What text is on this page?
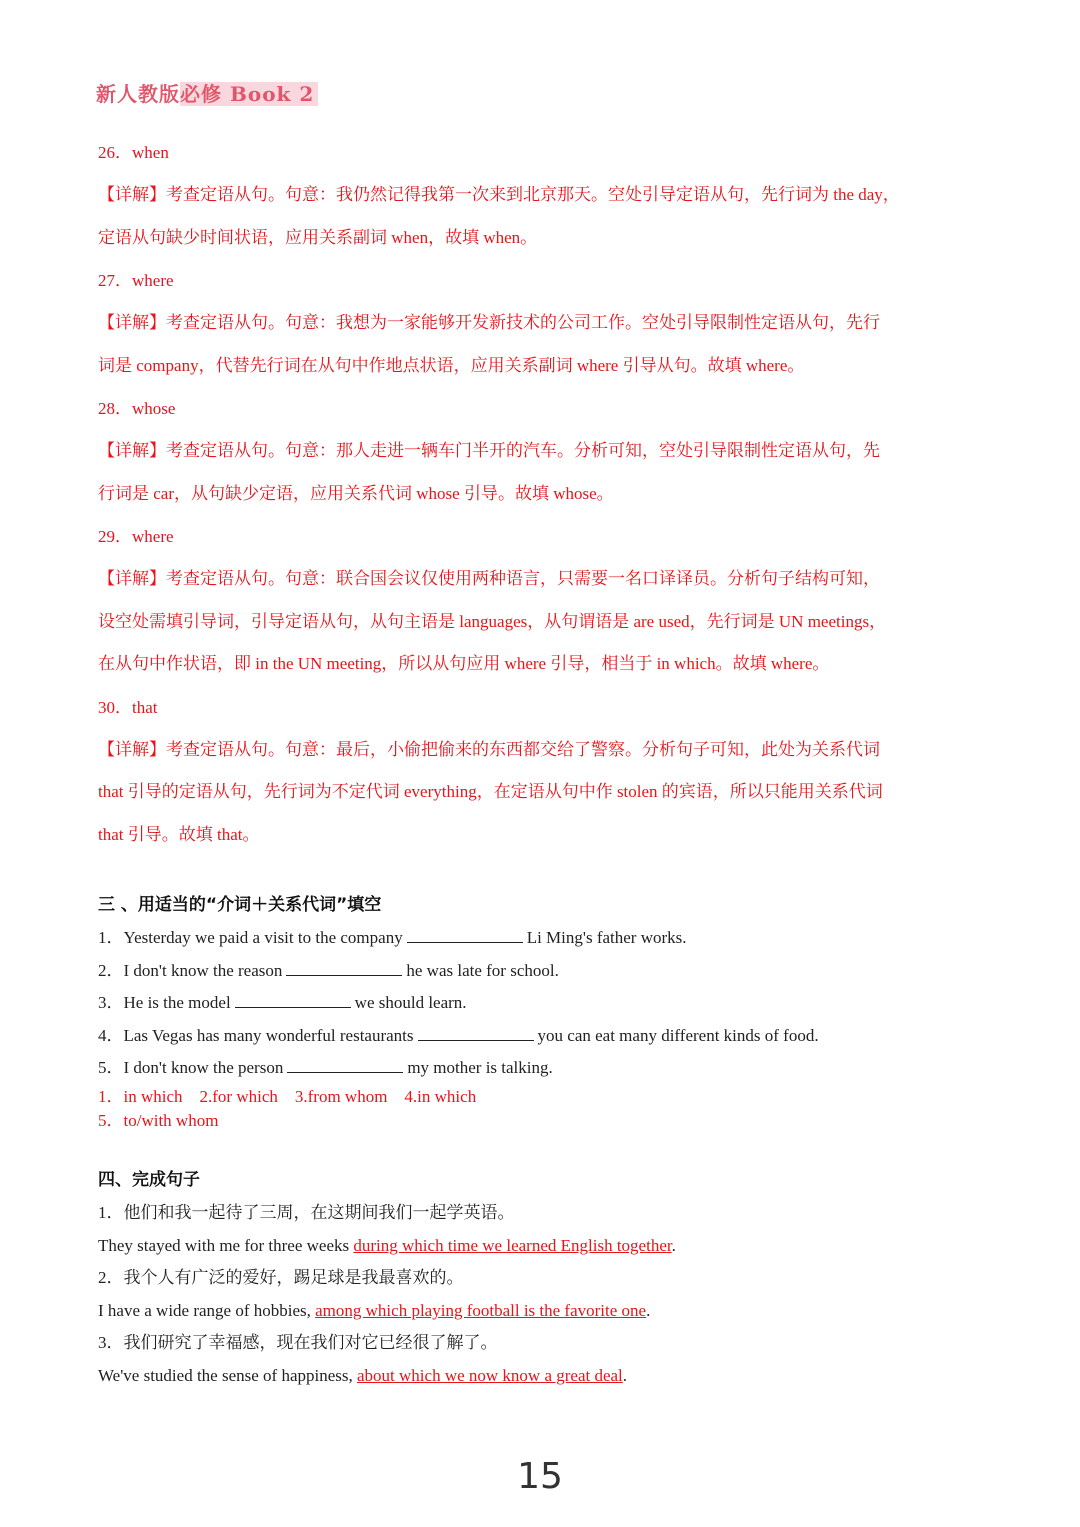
新人教版必修 Book 2
26．when
【详解】考查定语从句。句意：我仍然记得我第一次来到北京那天。空处引导定语从句，先行词为 the day，
定语从句缺少时间状语，应用关系副词 when，故填 when。
27．where
【详解】考查定语从句。句意：我想为一家能够开发新技术的公司工作。空处引导限制性定语从句，先行
词是 company，代替先行词在从句中作地点状语，应用关系副词 where 引导从句。故填 where。
28．whose
【详解】考查定语从句。句意：那人走进一辆车门半开的汽车。分析可知，空处引导限制性定语从句，先
行词是 car，从句缺少定语，应用关系代词 whose 引导。故填 whose。
29．where
【详解】考查定语从句。句意：联合国会议仅使用两种语言，只需要一名口译译员。分析句子结构可知，
设空处需填引导词，引导定语从句，从句主语是 languages，从句谓语是 are used，先行词是 UN meetings，
在从句中作状语，即 in the UN meeting，所以从句应用 where 引导，相当于 in which。故填 where。
30．that
【详解】考查定语从句。句意：最后，小偷把偷来的东西都交给了警察。分析句子可知，此处为关系代词
that 引导的定语从句，先行词为不定代词 everything，在定语从句中作 stolen 的宾语，所以只能用关系代词
that 引导。故填 that。
三 、用适当的“介词＋关系代词”填空
1．Yesterday we paid a visit to the company	Li Ming's father works.
2．I don't know the reason	he was late for school.
3．He is the model	we should learn.
4．Las Vegas has many wonderful restaurants	you can eat many different kinds of food.
5．I don't know the person	my mother is talking.
1．in which    2.for which    3.from whom    4.in which
5．to/with whom
四、完成句子
1．他们和我一起待了三周，在这期间我们一起学英语。
They stayed with me for three weeks during which time we learned English together.
2．我个人有广泛的爱好，踢足球是我最喜欢的。
I have a wide range of hobbies, among which playing football is the favorite one.
3．我们研究了幸福感，现在我们对它已经很了解了。
We've studied the sense of happiness, about which we now know a great deal.
15
